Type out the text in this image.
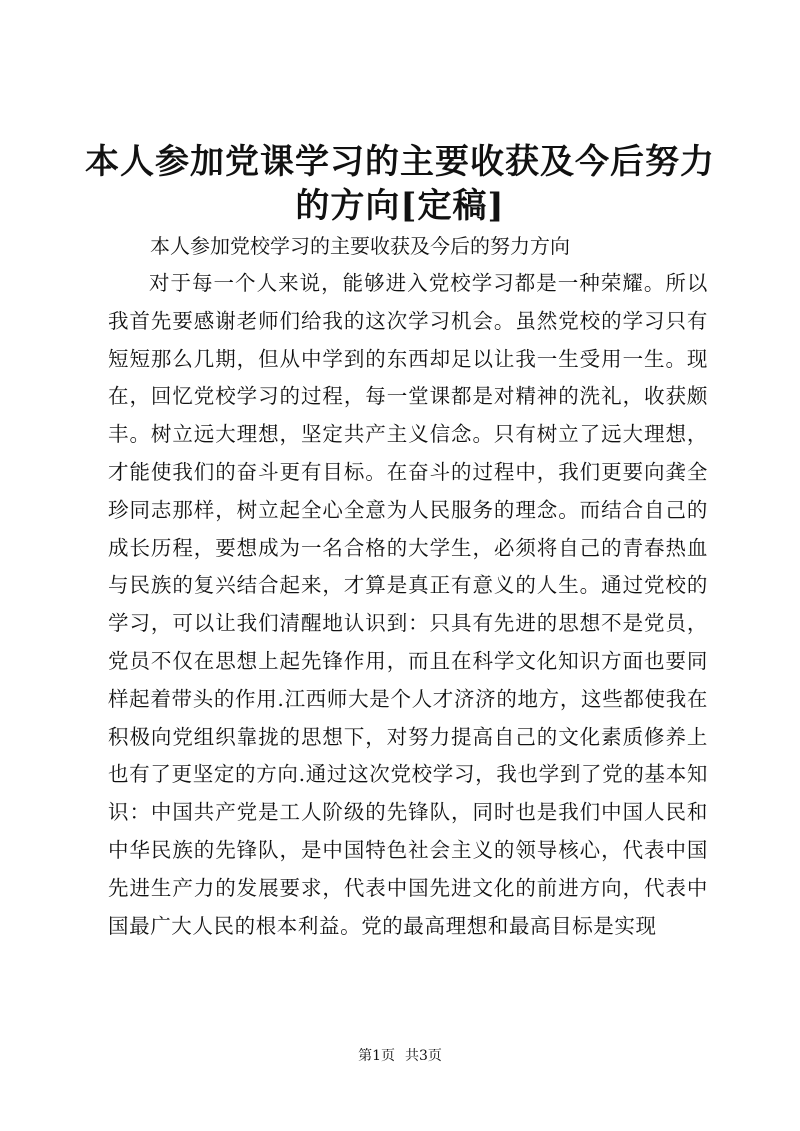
本人参加党课学习的主要收获及今后努力的方向[定稿]

本人参加党校学习的主要收获及今后的努力方向

对于每一个人来说，能够进入党校学习都是一种荣耀。所以我首先要感谢老师们给我的这次学习机会。虽然党校的学习只有短短那么几期，但从中学到的东西却足以让我一生受用一生。现在，回忆党校学习的过程，每一堂课都是对精神的洗礼，收获颇丰。树立远大理想，坚定共产主义信念。只有树立了远大理想，才能使我们的奋斗更有目标。在奋斗的过程中，我们更要向龚全珍同志那样，树立起全心全意为人民服务的理念。而结合自己的成长历程，要想成为一名合格的大学生，必须将自己的青春热血与民族的复兴结合起来，才算是真正有意义的人生。通过党校的学习，可以让我们清醒地认识到：只具有先进的思想不是党员，党员不仅在思想上起先锋作用，而且在科学文化知识方面也要同样起着带头的作用.江西师大是个人才济济的地方，这些都使我在积极向党组织靠拢的思想下，对努力提高自己的文化素质修养上也有了更坚定的方向.通过这次党校学习，我也学到了党的基本知识：中国共产党是工人阶级的先锋队，同时也是我们中国人民和中华民族的先锋队，是中国特色社会主义的领导核心，代表中国先进生产力的发展要求，代表中国先进文化的前进方向，代表中国最广大人民的根本利益。党的最高理想和最高目标是实现

第1页 共3页
